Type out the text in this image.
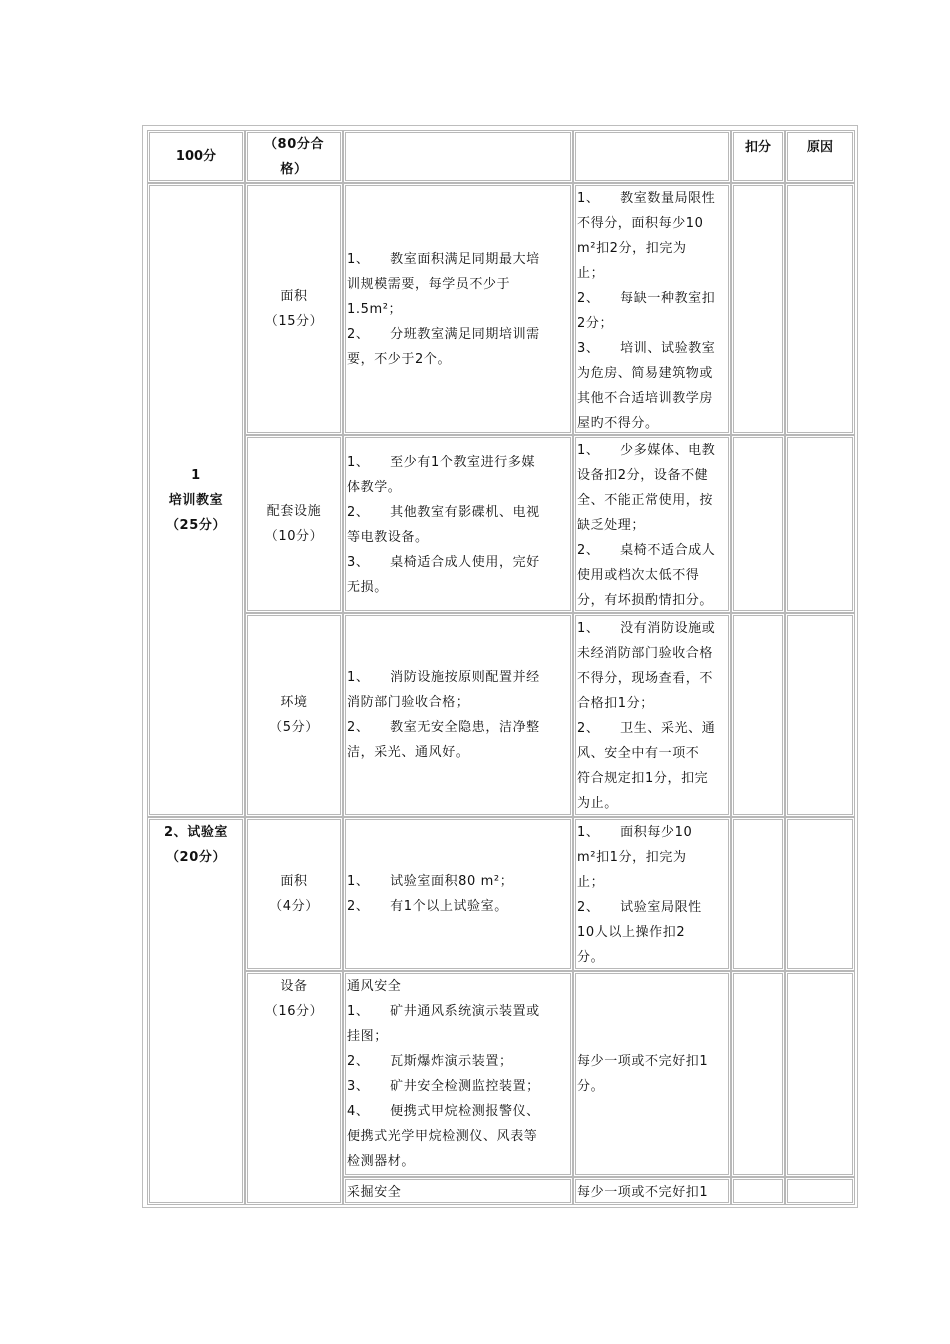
100分
（80分合
格）
扣分	原因
1
培训教室
（25分）
面积
（15分）
1、　　教室面积满足同期最大培
训规模需要，每学员不少于
1.5m²；
2、　　分班教室满足同期培训需
要，不少于2个。
1、　　教室数量局限性
不得分，面积每少10
m²扣2分，扣完为
止；
2、　　每缺一种教室扣
2分；
3、　　培训、试验教室
为危房、简易建筑物或
其他不合适培训教学房
屋旳不得分。
配套设施
（10分）
1、　　至少有1个教室进行多媒
体教学。
2、　　其他教室有影碟机、电视
等电教设备。
3、　　桌椅适合成人使用，完好
无损。
1、　　少多媒体、电教
设备扣2分，设备不健
全、不能正常使用，按
缺乏处理；
2、　　桌椅不适合成人
使用或档次太低不得
分，有坏损酌情扣分。
环境
（5分）
1、　　消防设施按原则配置并经
消防部门验收合格；
2、　　教室无安全隐患，洁净整
洁，采光、通风好。
1、　　没有消防设施或
未经消防部门验收合格
不得分，现场查看，不
合格扣1分；
2、　　卫生、采光、通
风、安全中有一项不
符合规定扣1分，扣完
为止。
2、试验室
（20分）
面积
（4分）
1、　　试验室面积80 m²；
2、　　有1个以上试验室。
1、　　面积每少10
m²扣1分，扣完为
止；
2、　　试验室局限性
10人以上操作扣2
分。
设备
（16分）
通风安全
1、　　矿井通风系统演示装置或
挂图；
2、　　瓦斯爆炸演示装置；
3、　　矿井安全检测监控装置；
4、　　便携式甲烷检测报警仪、
便携式光学甲烷检测仪、风表等
检测器材。
每少一项或不完好扣1
分。
采掘安全	每少一项或不完好扣1
